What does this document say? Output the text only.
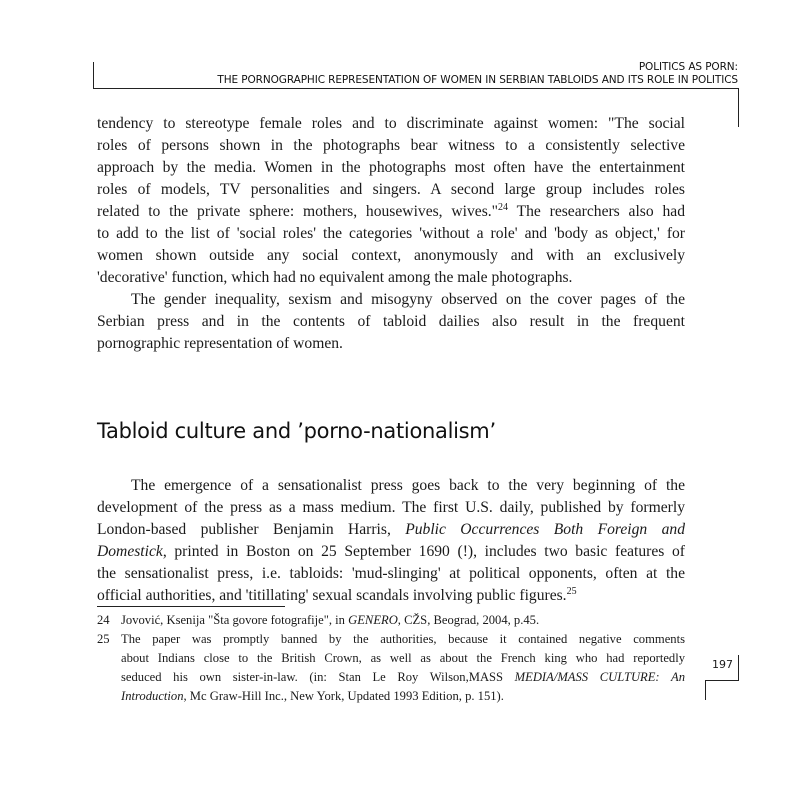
POLITICS AS PORN:
THE PORNOGRAPHIC REPRESENTATION OF WOMEN IN SERBIAN TABLOIDS AND ITS ROLE IN POLITICS
tendency to stereotype female roles and to discriminate against women: "The social
roles of persons shown in the photographs bear witness to a consistently selective
approach by the media. Women in the photographs most often have the entertainment
roles of models, TV personalities and singers. A second large group includes roles
related to the private sphere: mothers, housewives, wives."$^{24}$ The researchers also had
to add to the list of 'social roles' the categories 'without a role' and 'body as object,' for
women shown outside any social context, anonymously and with an exclusively
'decorative' function, which had no equivalent among the male photographs.
The gender inequality, sexism and misogyny observed on the cover pages of the
Serbian press and in the contents of tabloid dailies also result in the frequent
pornographic representation of women.
Tabloid culture and ’porno-nationalism’
The emergence of a sensationalist press goes back to the very beginning of the
development of the press as a mass medium. The first U.S. daily, published by formerly
London-based publisher Benjamin Harris, Public Occurrences Both Foreign and
Domestick, printed in Boston on 25 September 1690 (!), includes two basic features of
the sensationalist press, i.e. tabloids: 'mud-slinging' at political opponents, often at the
official authorities, and 'titillating' sexual scandals involving public figures.$^{25}$
24 Jovović, Ksenija "Šta govore fotografije", in GENERO, CŽS, Beograd, 2004, p.45.
25 The paper was promptly banned by the authorities, because it contained negative comments
about Indians close to the British Crown, as well as about the French king who had reportedly
seduced his own sister-in-law. (in: Stan Le Roy Wilson,MASS MEDIA/MASS CULTURE: An
Introduction, Mc Graw-Hill Inc., New York, Updated 1993 Edition, p. 151).
197
